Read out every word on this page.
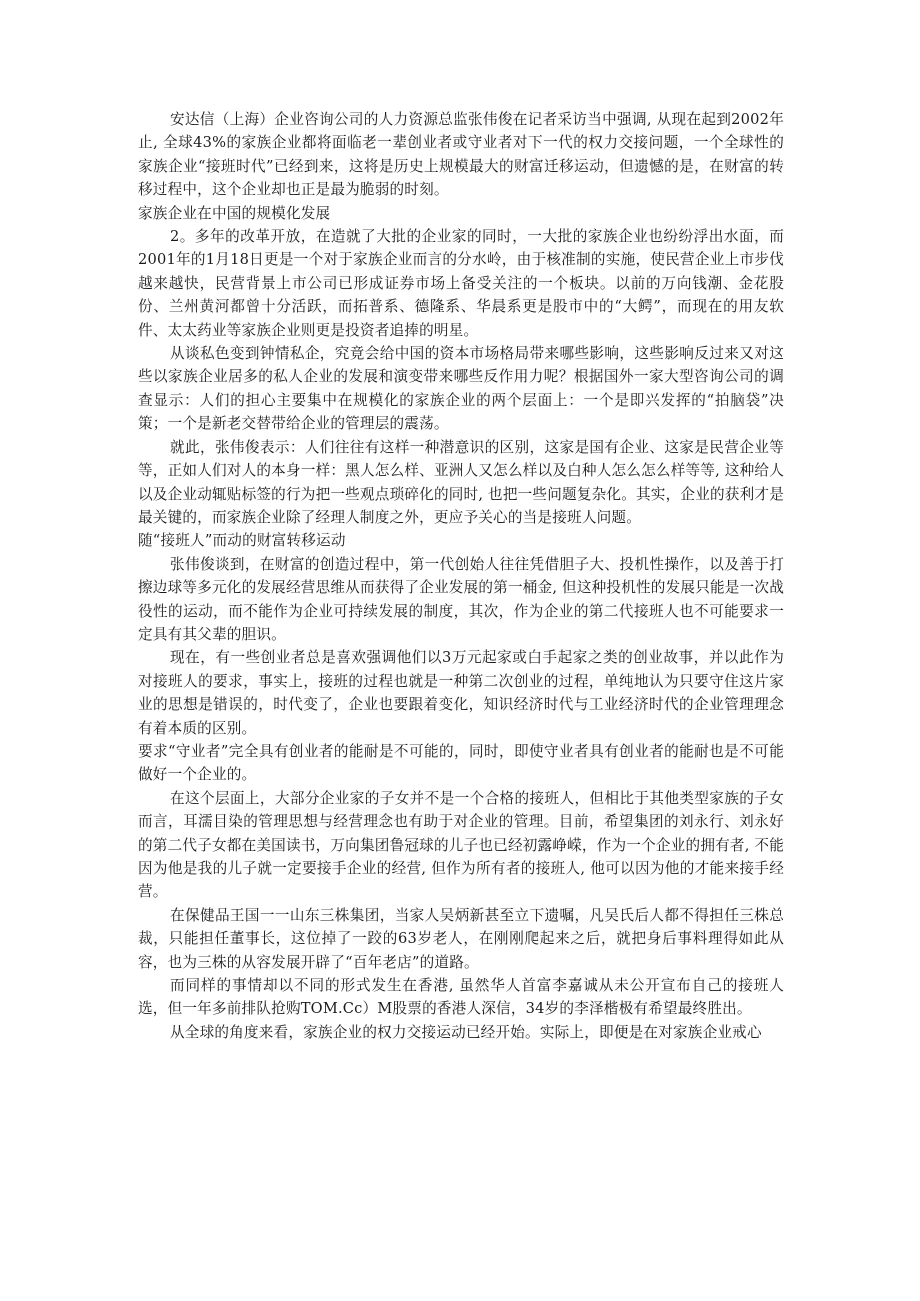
安达信（上海）企业咨询公司的人力资源总监张伟俊在记者采访当中强调, 从现在起到2002年止, 全球43%的家族企业都将面临老一辈创业者或守业者对下一代的权力交接问题，一个全球性的家族企业“接班时代”已经到来，这将是历史上规模最大的财富迁移运动，但遗憾的是，在财富的转移过程中，这个企业却也正是最为脆弱的时刻。

家族企业在中国的规模化发展

2。多年的改革开放，在造就了大批的企业家的同时，一大批的家族企业也纷纷浮出水面，而2001年的1月18日更是一个对于家族企业而言的分水岭，由于核准制的实施，使民营企业上市步伐越来越快，民营背景上市公司已形成证券市场上备受关注的一个板块。以前的万向钱潮、金花股份、兰州黄河都曾十分活跃，而拓普系、德隆系、华晨系更是股市中的“大鳄”，而现在的用友软件、太太药业等家族企业则更是投资者追捧的明星。

从谈私色变到钟情私企，究竟会给中国的资本市场格局带来哪些影响，这些影响反过来又对这些以家族企业居多的私人企业的发展和演变带来哪些反作用力呢？根据国外一家大型咨询公司的调查显示：人们的担心主要集中在规模化的家族企业的两个层面上：一个是即兴发挥的“拍脑袋”决策；一个是新老交替带给企业的管理层的震荡。

就此，张伟俊表示：人们往往有这样一种潜意识的区别，这家是国有企业、这家是民营企业等等，正如人们对人的本身一样：黑人怎么样、亚洲人又怎么样以及白种人怎么怎么样等等, 这种给人以及企业动辄贴标签的行为把一些观点琐碎化的同时, 也把一些问题复杂化。其实，企业的获利才是最关键的，而家族企业除了经理人制度之外，更应予关心的当是接班人问题。

随“接班人”而动的财富转移运动

张伟俊谈到，在财富的创造过程中，第一代创始人往往凭借胆子大、投机性操作，以及善于打擦边球等多元化的发展经营思维从而获得了企业发展的第一桶金, 但这种投机性的发展只能是一次战役性的运动，而不能作为企业可持续发展的制度，其次，作为企业的第二代接班人也不可能要求一定具有其父辈的胆识。

现在，有一些创业者总是喜欢强调他们以3万元起家或白手起家之类的创业故事，并以此作为对接班人的要求，事实上，接班的过程也就是一种第二次创业的过程，单纯地认为只要守住这片家业的思想是错误的，时代变了，企业也要跟着变化，知识经济时代与工业经济时代的企业管理理念有着本质的区别。

要求“守业者”完全具有创业者的能耐是不可能的，同时，即使守业者具有创业者的能耐也是不可能做好一个企业的。

在这个层面上，大部分企业家的子女并不是一个合格的接班人，但相比于其他类型家族的子女而言，耳濡目染的管理思想与经营理念也有助于对企业的管理。目前，希望集团的刘永行、刘永好的第二代子女都在美国读书，万向集团鲁冠球的儿子也已经初露峥嵘，作为一个企业的拥有者, 不能因为他是我的儿子就一定要接手企业的经营, 但作为所有者的接班人, 他可以因为他的才能来接手经营。

在保健品王国一一山东三株集团，当家人吴炳新甚至立下遗嘱，凡吴氏后人都不得担任三株总裁，只能担任董事长，这位掉了一跤的63岁老人，在刚刚爬起来之后，就把身后事料理得如此从容，也为三株的从容发展开辟了“百年老店”的道路。

而同样的事情却以不同的形式发生在香港, 虽然华人首富李嘉诚从未公开宣布自己的接班人选，但一年多前排队抢购TOM.Cc）M股票的香港人深信，34岁的李泽楷极有希望最终胜出。

从全球的角度来看，家族企业的权力交接运动已经开始。实际上，即便是在对家族企业戒心
